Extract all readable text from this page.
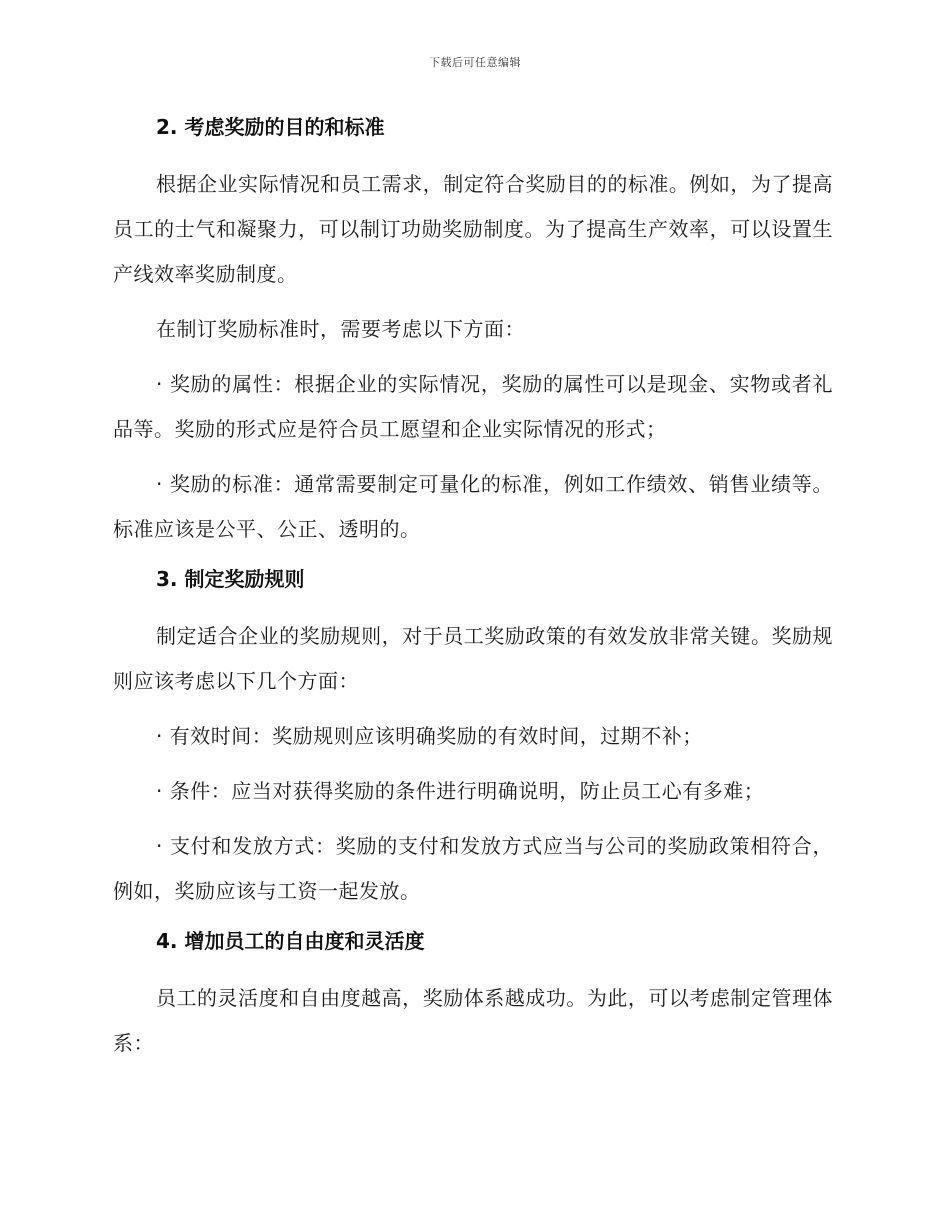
下载后可任意编辑
2. 考虑奖励的目的和标准

根据企业实际情况和员工需求，制定符合奖励目的的标准。例如，为了提高员工的士气和凝聚力，可以制订功勋奖励制度。为了提高生产效率，可以设置生产线效率奖励制度。

在制订奖励标准时，需要考虑以下方面：

· 奖励的属性：根据企业的实际情况，奖励的属性可以是现金、实物或者礼品等。奖励的形式应是符合员工愿望和企业实际情况的形式；

· 奖励的标准：通常需要制定可量化的标准，例如工作绩效、销售业绩等。标准应该是公平、公正、透明的。

3. 制定奖励规则

制定适合企业的奖励规则，对于员工奖励政策的有效发放非常关键。奖励规则应该考虑以下几个方面：

· 有效时间：奖励规则应该明确奖励的有效时间，过期不补；

· 条件：应当对获得奖励的条件进行明确说明，防止员工心有多难；

· 支付和发放方式：奖励的支付和发放方式应当与公司的奖励政策相符合，例如，奖励应该与工资一起发放。

4. 增加员工的自由度和灵活度

员工的灵活度和自由度越高，奖励体系越成功。为此，可以考虑制定管理体系：
